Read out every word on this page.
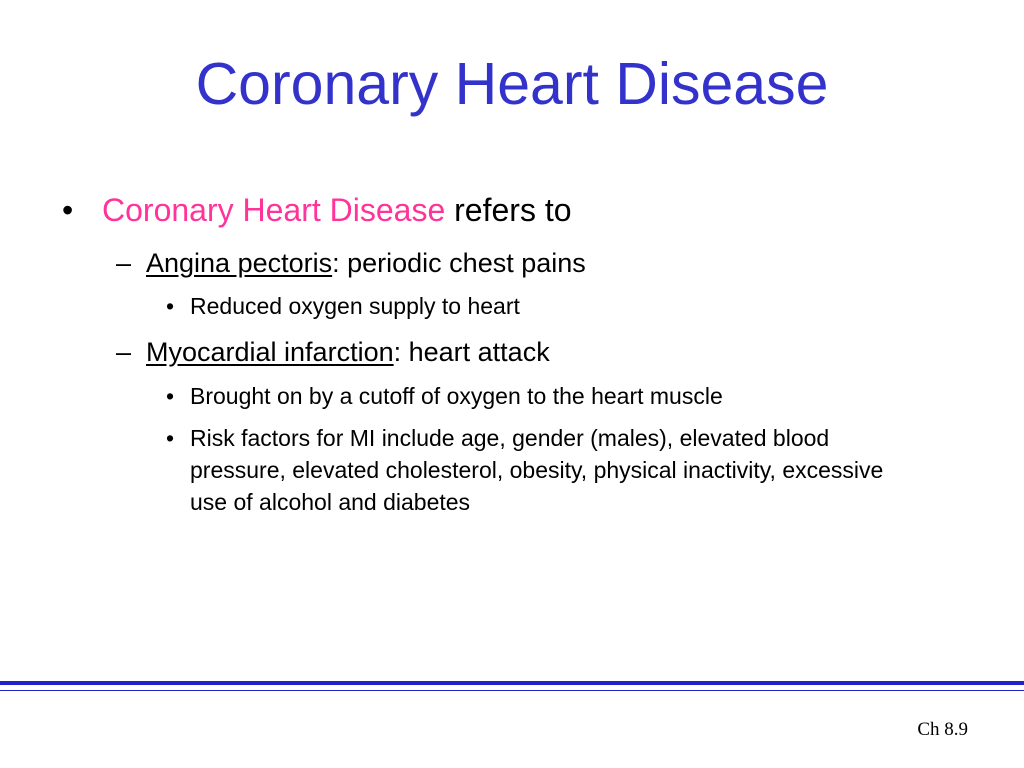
Coronary Heart Disease
• Coronary Heart Disease refers to
– Angina pectoris: periodic chest pains
• Reduced oxygen supply to heart
– Myocardial infarction: heart attack
• Brought on by a cutoff of oxygen to the heart muscle
• Risk factors for MI include age, gender (males), elevated blood pressure, elevated cholesterol, obesity, physical inactivity, excessive use of alcohol and diabetes
Ch 8.9
